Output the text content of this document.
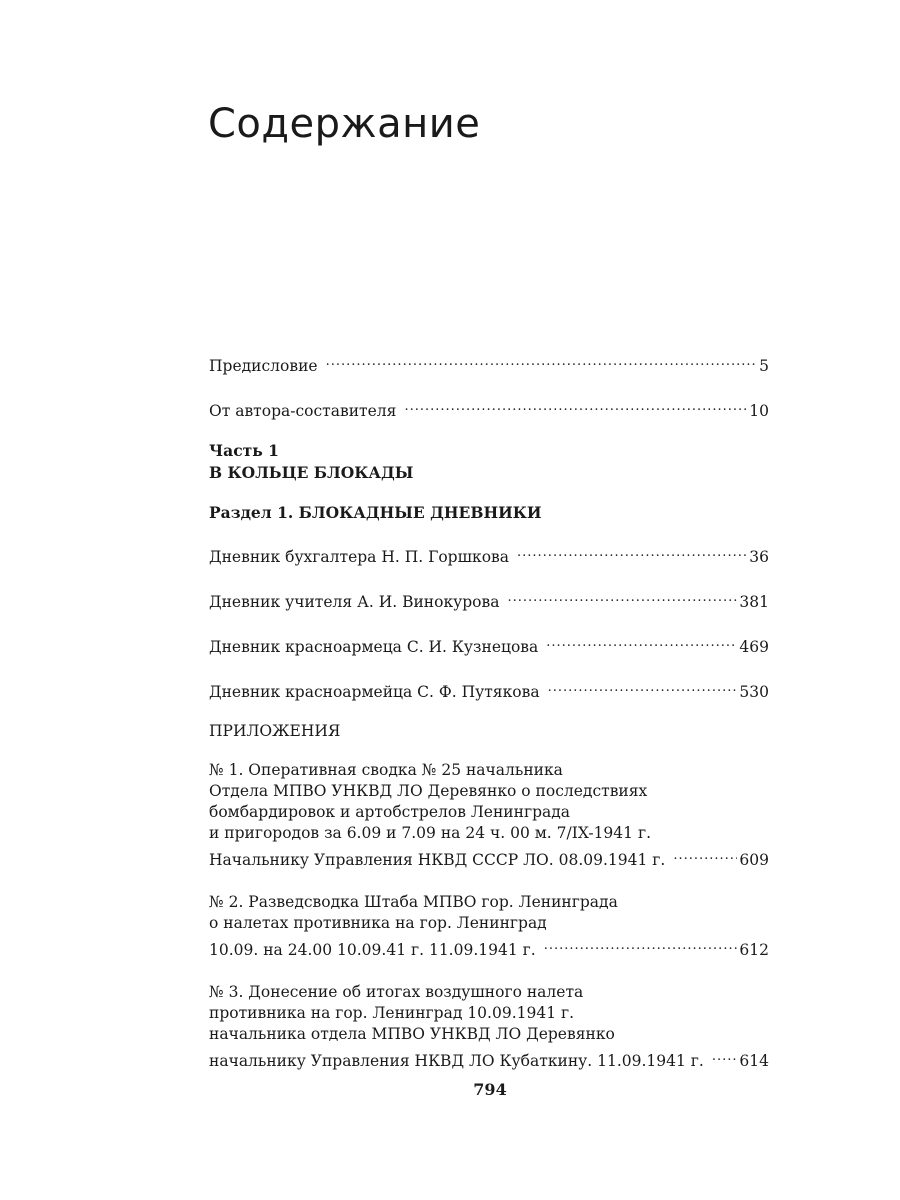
Содержание
Предисловие .....	5
От автора-составителя .....	10
Часть 1
В КОЛЬЦЕ БЛОКАДЫ
Раздел 1. БЛОКАДНЫЕ ДНЕВНИКИ
Дневник бухгалтера Н. П. Горшкова .....	36
Дневник учителя А. И. Винокурова .....	381
Дневник красноармеца С. И. Кузнецова .....	469
Дневник красноармейца С. Ф. Путякова .....	530
ПРИЛОЖЕНИЯ
№ 1. Оперативная сводка № 25 начальника
Отдела МПВО УНКВД ЛО Деревянко о последствиях
бомбардировок и артобстрелов Ленинграда
и пригородов за 6.09 и 7.09 на 24 ч. 00 м. 7/IX-1941 г.
Начальнику Управления НКВД СССР ЛО. 08.09.1941 г. .....	609
№ 2. Разведсводка Штаба МПВО гор. Ленинграда
о налетах противника на гор. Ленинград
10.09. на 24.00 10.09.41 г. 11.09.1941 г. .....	612
№ 3. Донесение об итогах воздушного налета
противника на гор. Ленинград 10.09.1941 г.
начальника отдела МПВО УНКВД ЛО Деревянко
начальнику Управления НКВД ЛО Кубаткину. 11.09.1941 г. .....	614
794
